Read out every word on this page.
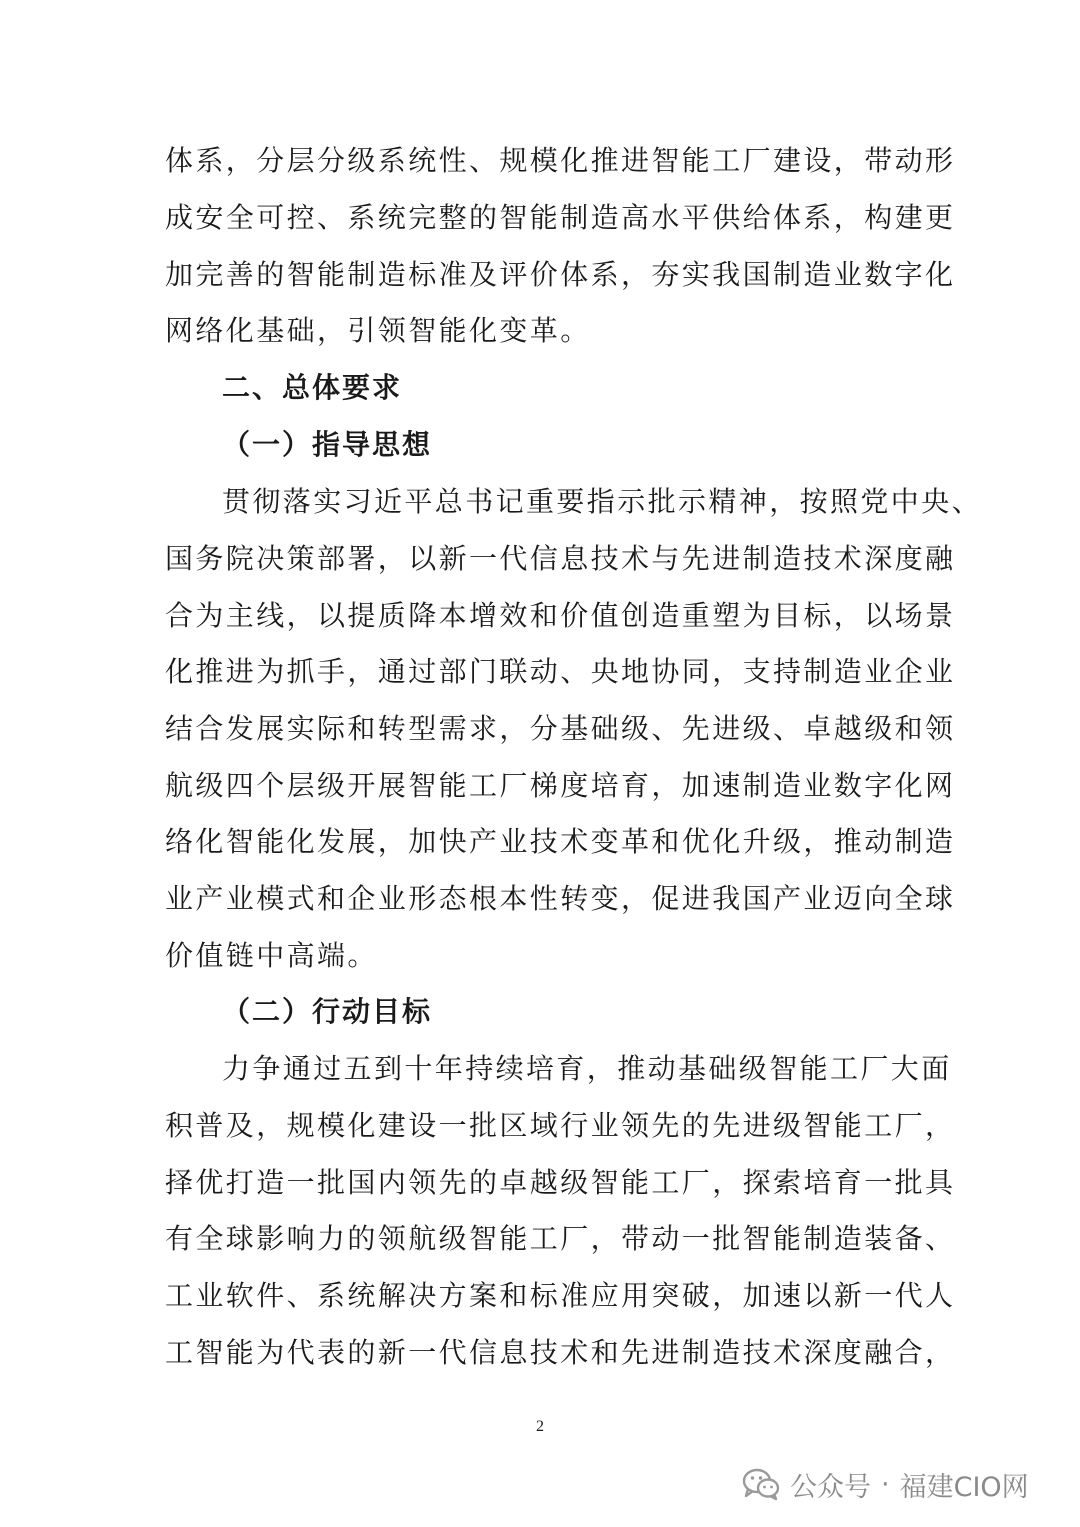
体系，分层分级系统性、规模化推进智能工厂建设，带动形
成安全可控、系统完整的智能制造高水平供给体系，构建更
加完善的智能制造标准及评价体系，夯实我国制造业数字化
网络化基础，引领智能化变革。
二、总体要求
（一）指导思想
贯彻落实习近平总书记重要指示批示精神，按照党中央、
国务院决策部署，以新一代信息技术与先进制造技术深度融
合为主线，以提质降本增效和价值创造重塑为目标，以场景
化推进为抓手，通过部门联动、央地协同，支持制造业企业
结合发展实际和转型需求，分基础级、先进级、卓越级和领
航级四个层级开展智能工厂梯度培育，加速制造业数字化网
络化智能化发展，加快产业技术变革和优化升级，推动制造
业产业模式和企业形态根本性转变，促进我国产业迈向全球
价值链中高端。
（二）行动目标
力争通过五到十年持续培育，推动基础级智能工厂大面
积普及，规模化建设一批区域行业领先的先进级智能工厂，
择优打造一批国内领先的卓越级智能工厂，探索培育一批具
有全球影响力的领航级智能工厂，带动一批智能制造装备、
工业软件、系统解决方案和标准应用突破，加速以新一代人
工智能为代表的新一代信息技术和先进制造技术深度融合，
2
公众号 · 福建CIO网
